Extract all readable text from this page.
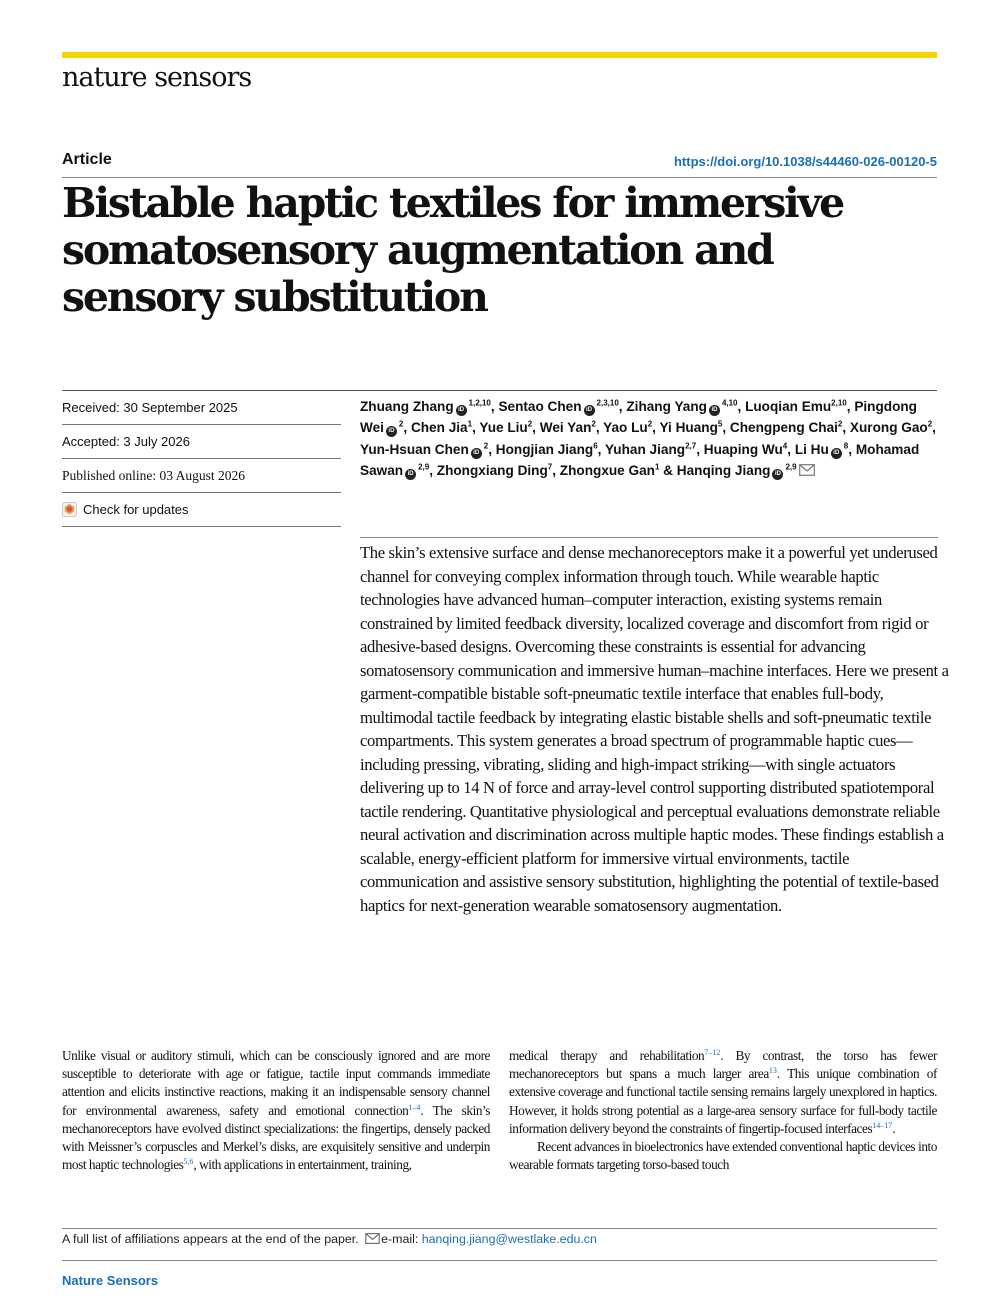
nature sensors
Article	https://doi.org/10.1038/s44460-026-00120-5
Bistable haptic textiles for immersive somatosensory augmentation and sensory substitution
Received: 30 September 2025
Accepted: 3 July 2026
Published online: 03 August 2026
Check for updates
Zhuang Zhang iD$^{1,2,10}$, Sentao Chen iD$^{2,3,10}$, Zihang Yang iD$^{4,10}$, Luoqian Emu$^{2,10}$, Pingdong Wei $iD^2$, Chen Jia$^1$, Yue Liu$^2$, Wei Yan$^2$, Yao Lu$^2$, Yi Huang$^5$, Chengpeng Chai$^2$, Xurong Gao$^2$, Yun-Hsuan Chen $iD^2$, Hongjian Jiang$^6$, Yuhan Jiang$^{2,7}$, Huaping Wu$^4$, Li Hu $iD^8$, Mohamad Sawan iD$^{2,9}$, Zhongxiang Ding$^7$, Zhongxue Gan$^1$ & Hanqing Jiang iD$^{2,9}$

The skin’s extensive surface and dense mechanoreceptors make it a powerful yet underused channel for conveying complex information through touch. While wearable haptic technologies have advanced human–computer interaction, existing systems remain constrained by limited feedback diversity, localized coverage and discomfort from rigid or adhesive-based designs. Overcoming these constraints is essential for advancing somatosensory communication and immersive human–machine interfaces. Here we present a garment-compatible bistable soft-pneumatic textile interface that enables full-body, multimodal tactile feedback by integrating elastic bistable shells and soft-pneumatic textile compartments. This system generates a broad spectrum of programmable haptic cues—including pressing, vibrating, sliding and high-impact striking—with single actuators delivering up to 14 N of force and array-level control supporting distributed spatiotemporal tactile rendering. Quantitative physiological and perceptual evaluations demonstrate reliable neural activation and discrimination across multiple haptic modes. These findings establish a scalable, energy-efficient platform for immersive virtual environments, tactile communication and assistive sensory substitution, highlighting the potential of textile-based haptics for next-generation wearable somatosensory augmentation.

Unlike visual or auditory stimuli, which can be consciously ignored and are more susceptible to deteriorate with age or fatigue, tactile input commands immediate attention and elicits instinctive reactions, making it an indispensable sensory channel for environmental awareness, safety and emotional connection$^{1-4}$. The skin’s mechanoreceptors have evolved distinct specializations: the fingertips, densely packed with Meissner’s corpuscles and Merkel’s disks, are exquisitely sensitive and underpin most haptic technologies$^{5,6}$, with applications in entertainment, training,

medical therapy and rehabilitation$^{7-12}$. By contrast, the torso has fewer mechanoreceptors but spans a much larger area$^{13}$. This unique combination of extensive coverage and functional tactile sensing remains largely unexplored in haptics. However, it holds strong potential as a large-area sensory surface for full-body tactile information delivery beyond the constraints of fingertip-focused interfaces$^{14-17}$.

Recent advances in bioelectronics have extended conventional haptic devices into wearable formats targeting torso-based touch

A full list of affiliations appears at the end of the paper. e-mail: hanqing.jiang@westlake.edu.cn
Nature Sensors
